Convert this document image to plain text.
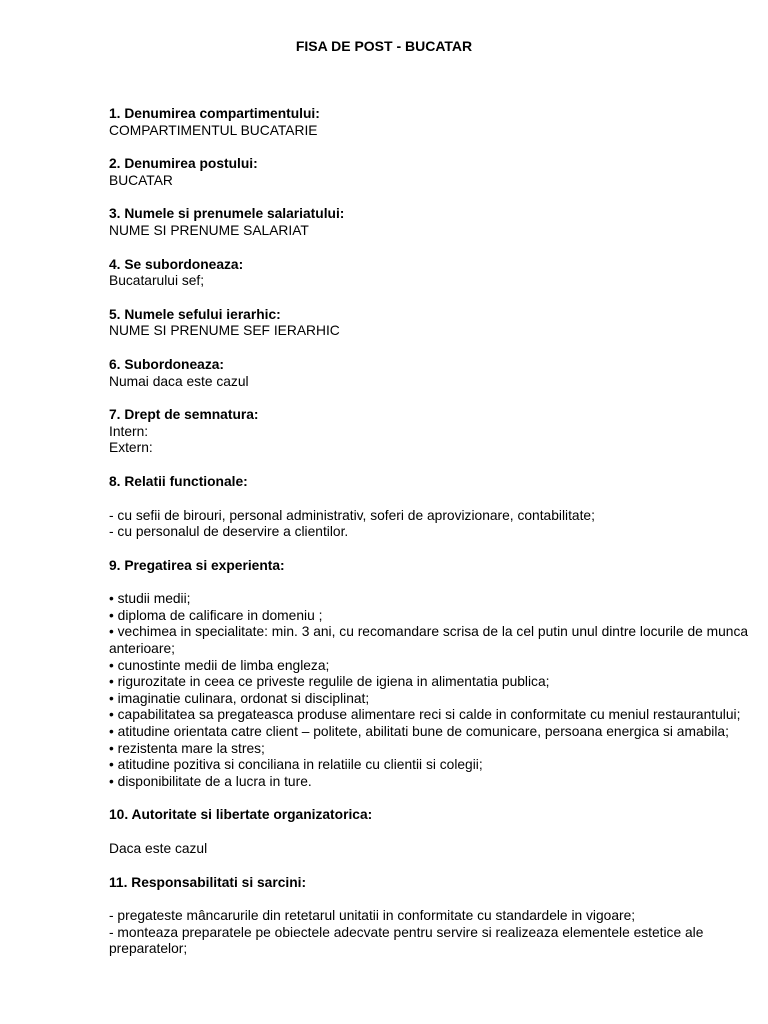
FISA DE POST - BUCATAR
1. Denumirea compartimentului:
COMPARTIMENTUL BUCATARIE
2. Denumirea postului:
BUCATAR
3. Numele si prenumele salariatului:
NUME SI PRENUME SALARIAT
4. Se subordoneaza:
Bucatarului sef;
5. Numele sefului ierarhic:
NUME SI PRENUME SEF IERARHIC
6. Subordoneaza:
Numai daca este cazul
7. Drept de semnatura:
Intern:
Extern:
8. Relatii functionale:
- cu sefii de birouri, personal administrativ, soferi de aprovizionare, contabilitate;
- cu personalul de deservire a clientilor.
9. Pregatirea si experienta:
• studii medii;
• diploma de calificare in domeniu ;
• vechimea in specialitate: min. 3 ani, cu recomandare scrisa de la cel putin unul dintre locurile de munca anterioare;
• cunostinte medii de limba engleza;
• rigurozitate in ceea ce priveste regulile de igiena in alimentatia publica;
• imaginatie culinara, ordonat si disciplinat;
• capabilitatea sa pregateasca produse alimentare reci si calde in conformitate cu meniul restaurantului;
• atitudine orientata catre client – politete, abilitati bune de comunicare, persoana energica si amabila;
• rezistenta mare la stres;
• atitudine pozitiva si conciliana in relatiile cu clientii si colegii;
• disponibilitate de a lucra in ture.
10. Autoritate si libertate organizatorica:
Daca este cazul
11. Responsabilitati si sarcini:
- pregateste mâncarurile din retetarul unitatii in conformitate cu standardele in vigoare;
- monteaza preparatele pe obiectele adecvate pentru servire si realizeaza elementele estetice ale preparatelor;
